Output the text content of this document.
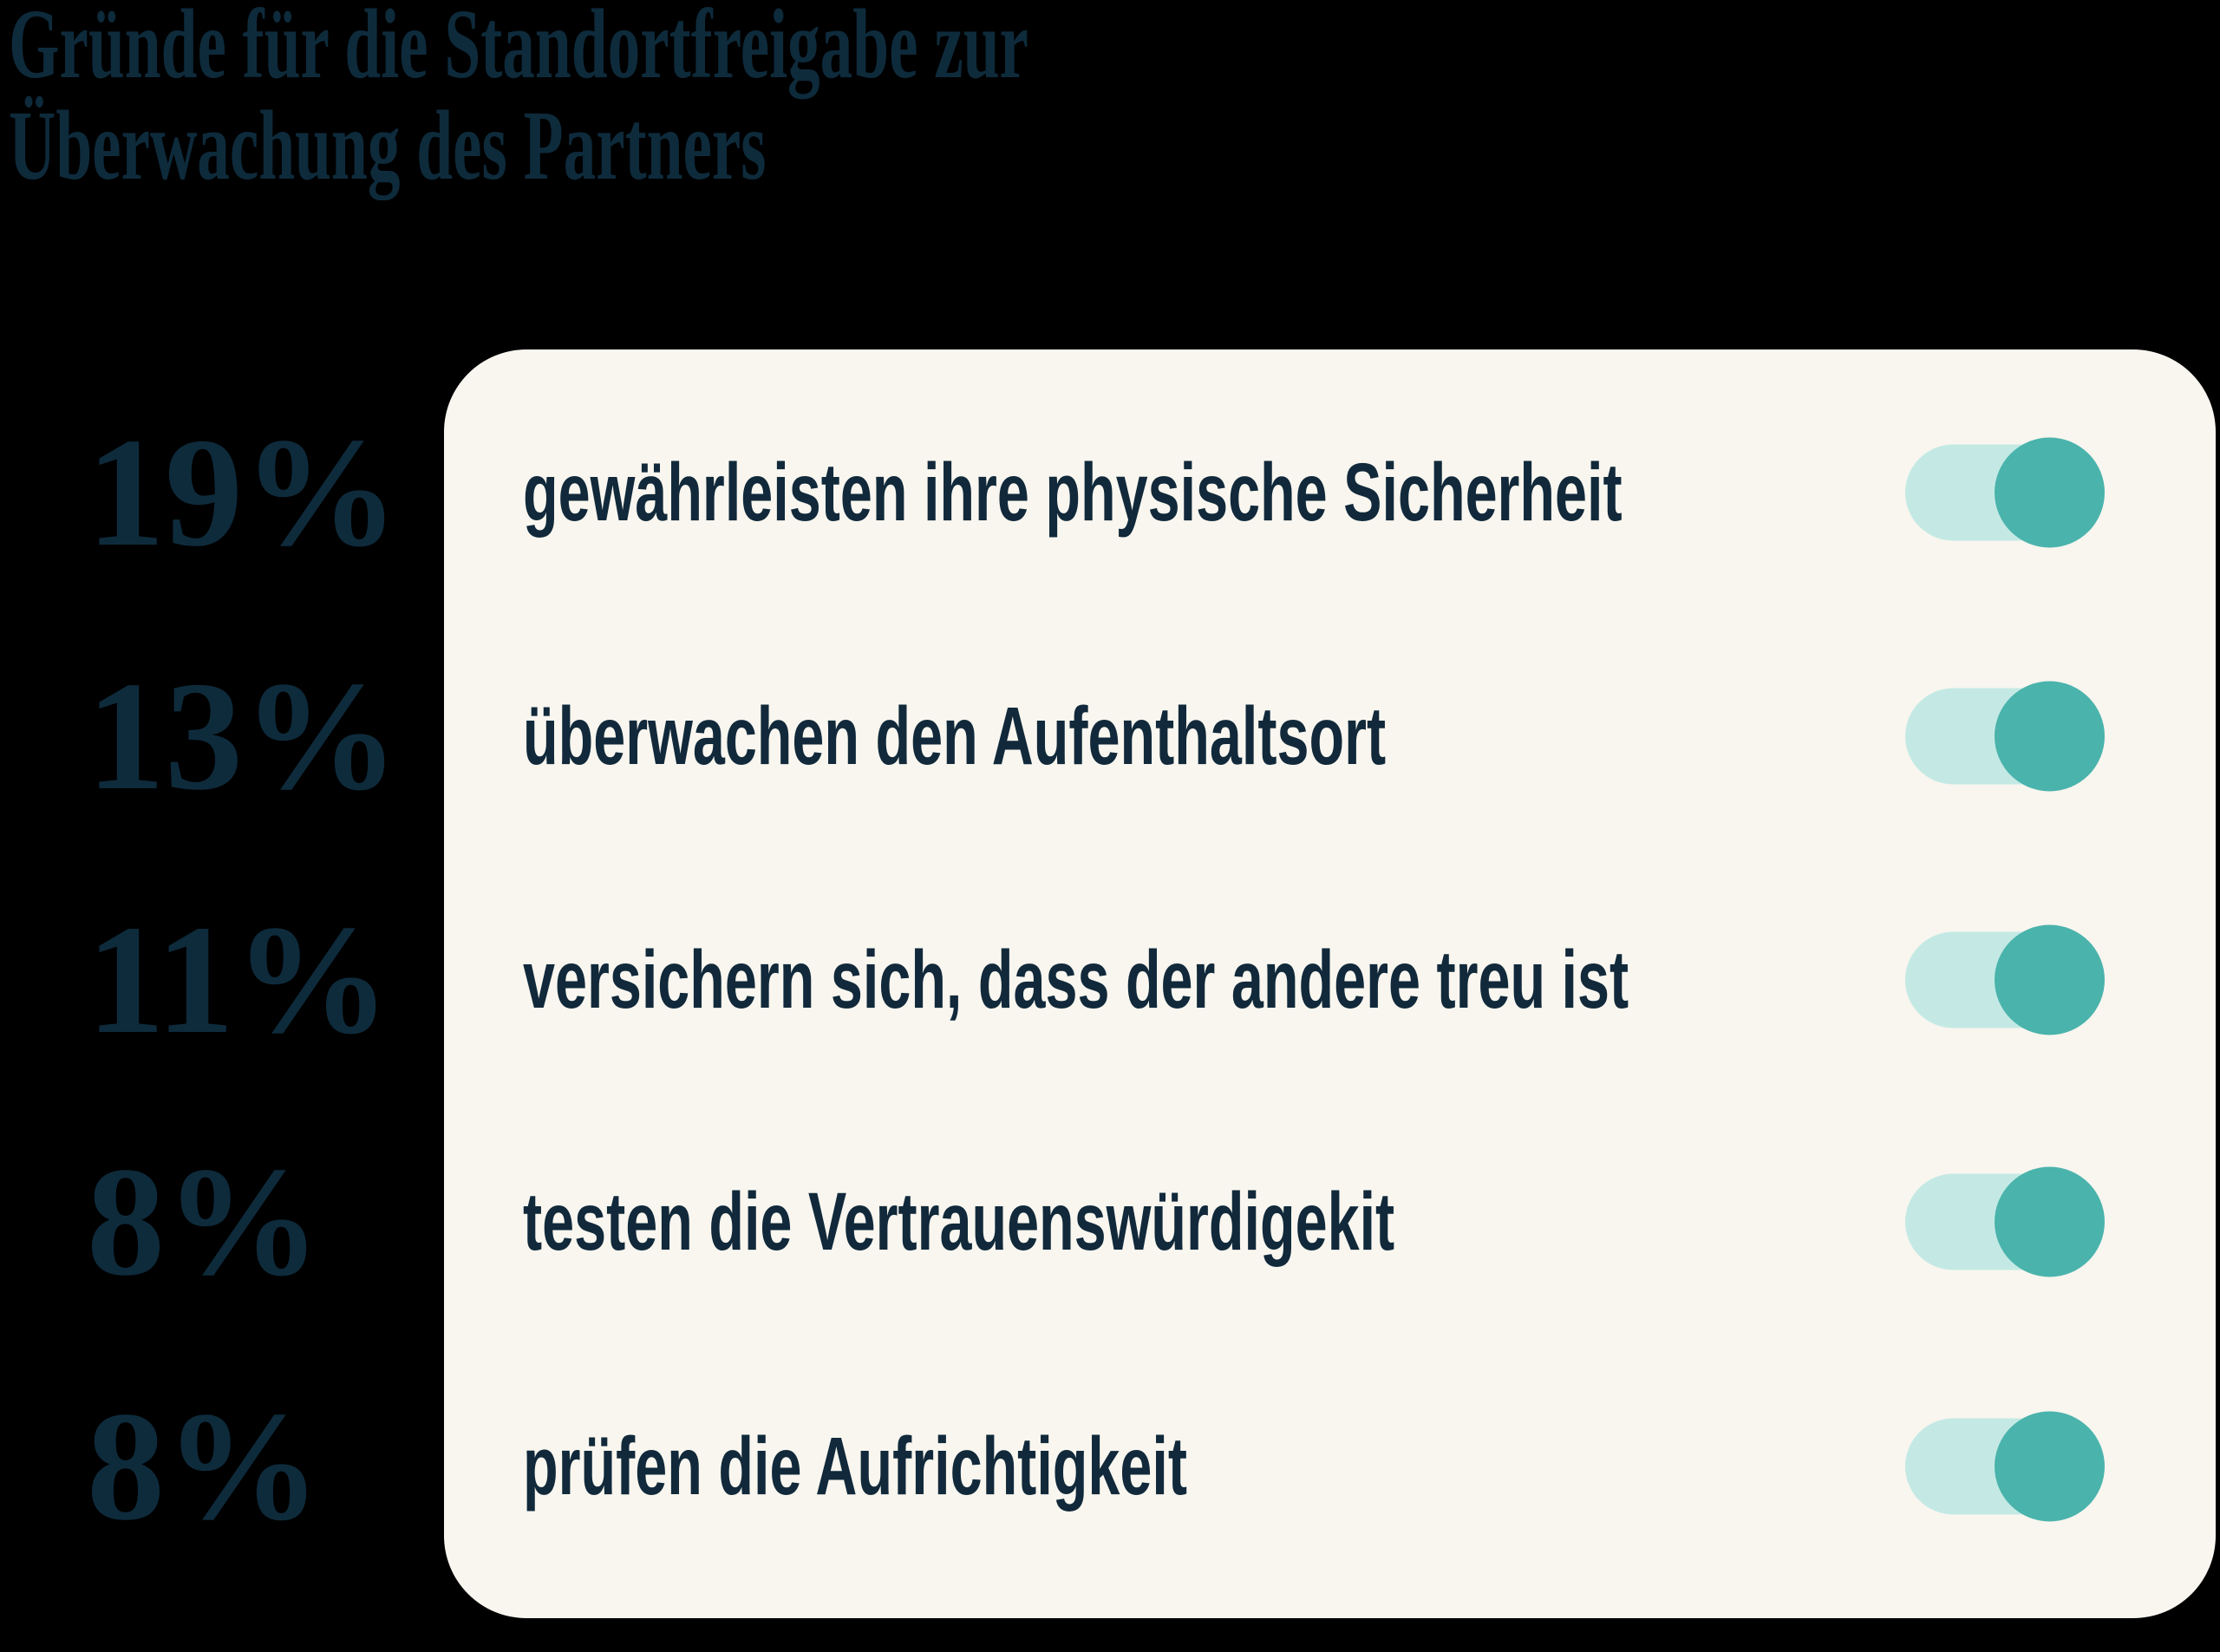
Gründe für die Standortfreigabe zur
Überwachung des Partners
19%
13%
11%
8%
8%
gewährleisten ihre physische Sicherheit
überwachen den Aufenthaltsort
versichern sich, dass der andere treu ist
testen die Vertrauenswürdigekit
prüfen die Aufrichtigkeit
